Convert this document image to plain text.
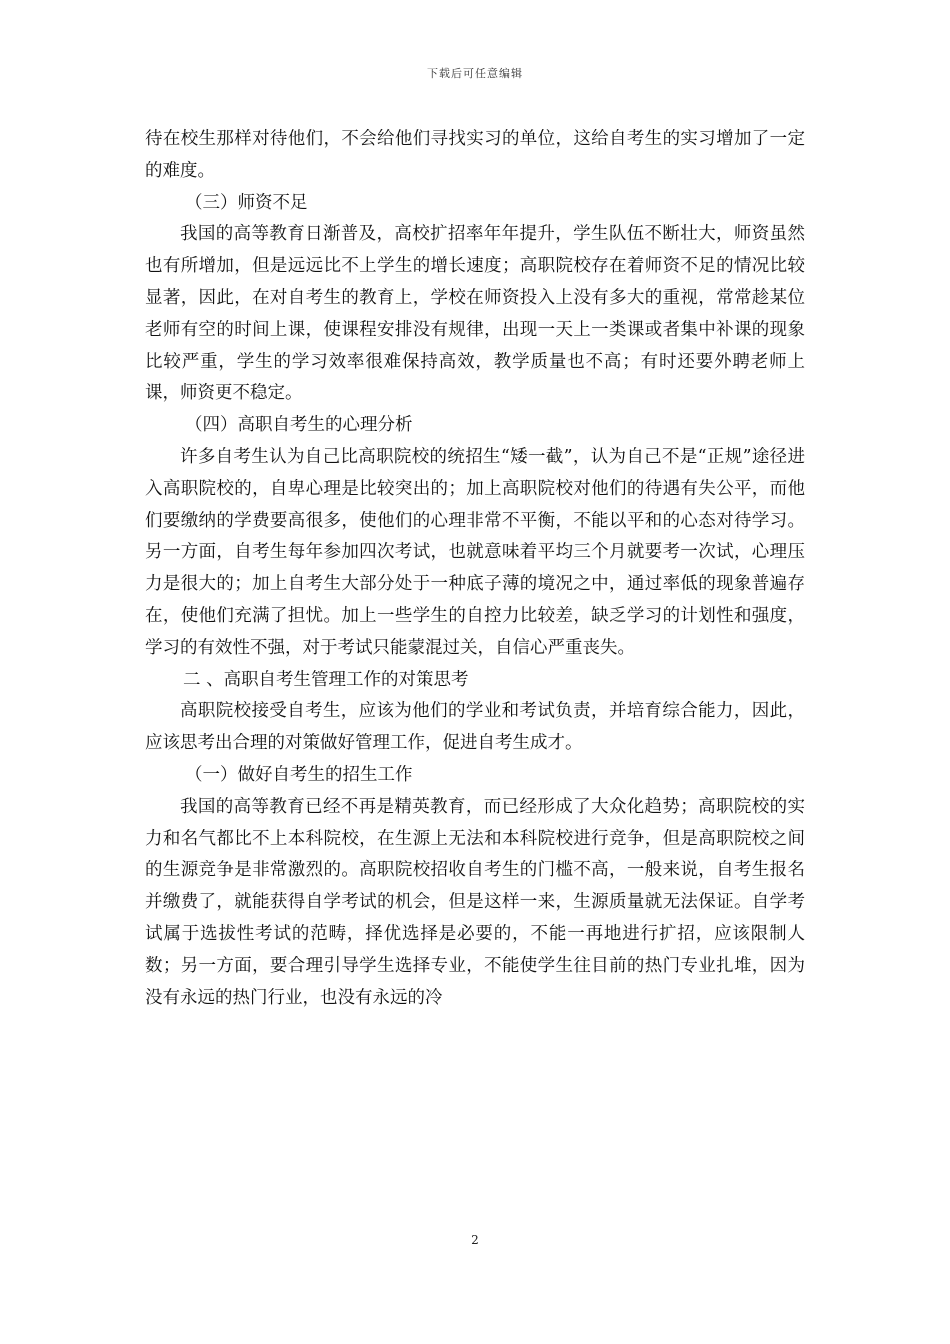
下载后可任意编辑

待在校生那样对待他们，不会给他们寻找实习的单位，这给自考生的实习增加了一定的难度。

（三）师资不足

我国的高等教育日渐普及，高校扩招率年年提升，学生队伍不断壮大，师资虽然也有所增加，但是远远比不上学生的增长速度；高职院校存在着师资不足的情况比较显著，因此，在对自考生的教育上，学校在师资投入上没有多大的重视，常常趁某位老师有空的时间上课，使课程安排没有规律，出现一天上一类课或者集中补课的现象比较严重，学生的学习效率很难保持高效，教学质量也不高；有时还要外聘老师上课，师资更不稳定。

（四）高职自考生的心理分析

许多自考生认为自己比高职院校的统招生“矮一截”，认为自己不是“正规”途径进入高职院校的，自卑心理是比较突出的；加上高职院校对他们的待遇有失公平，而他们要缴纳的学费要高很多，使他们的心理非常不平衡，不能以平和的心态对待学习。另一方面，自考生每年参加四次考试，也就意味着平均三个月就要考一次试，心理压力是很大的；加上自考生大部分处于一种底子薄的境况之中，通过率低的现象普遍存在，使他们充满了担忧。加上一些学生的自控力比较差，缺乏学习的计划性和强度，学习的有效性不强，对于考试只能蒙混过关，自信心严重丧失。

二 、高职自考生管理工作的对策思考

高职院校接受自考生，应该为他们的学业和考试负责，并培育综合能力，因此，应该思考出合理的对策做好管理工作，促进自考生成才。

（一）做好自考生的招生工作

我国的高等教育已经不再是精英教育，而已经形成了大众化趋势；高职院校的实力和名气都比不上本科院校，在生源上无法和本科院校进行竞争，但是高职院校之间的生源竞争是非常激烈的。高职院校招收自考生的门槛不高，一般来说，自考生报名并缴费了，就能获得自学考试的机会，但是这样一来，生源质量就无法保证。自学考试属于选拔性考试的范畴，择优选择是必要的，不能一再地进行扩招，应该限制人数；另一方面，要合理引导学生选择专业，不能使学生往目前的热门专业扎堆，因为没有永远的热门行业，也没有永远的冷

2
